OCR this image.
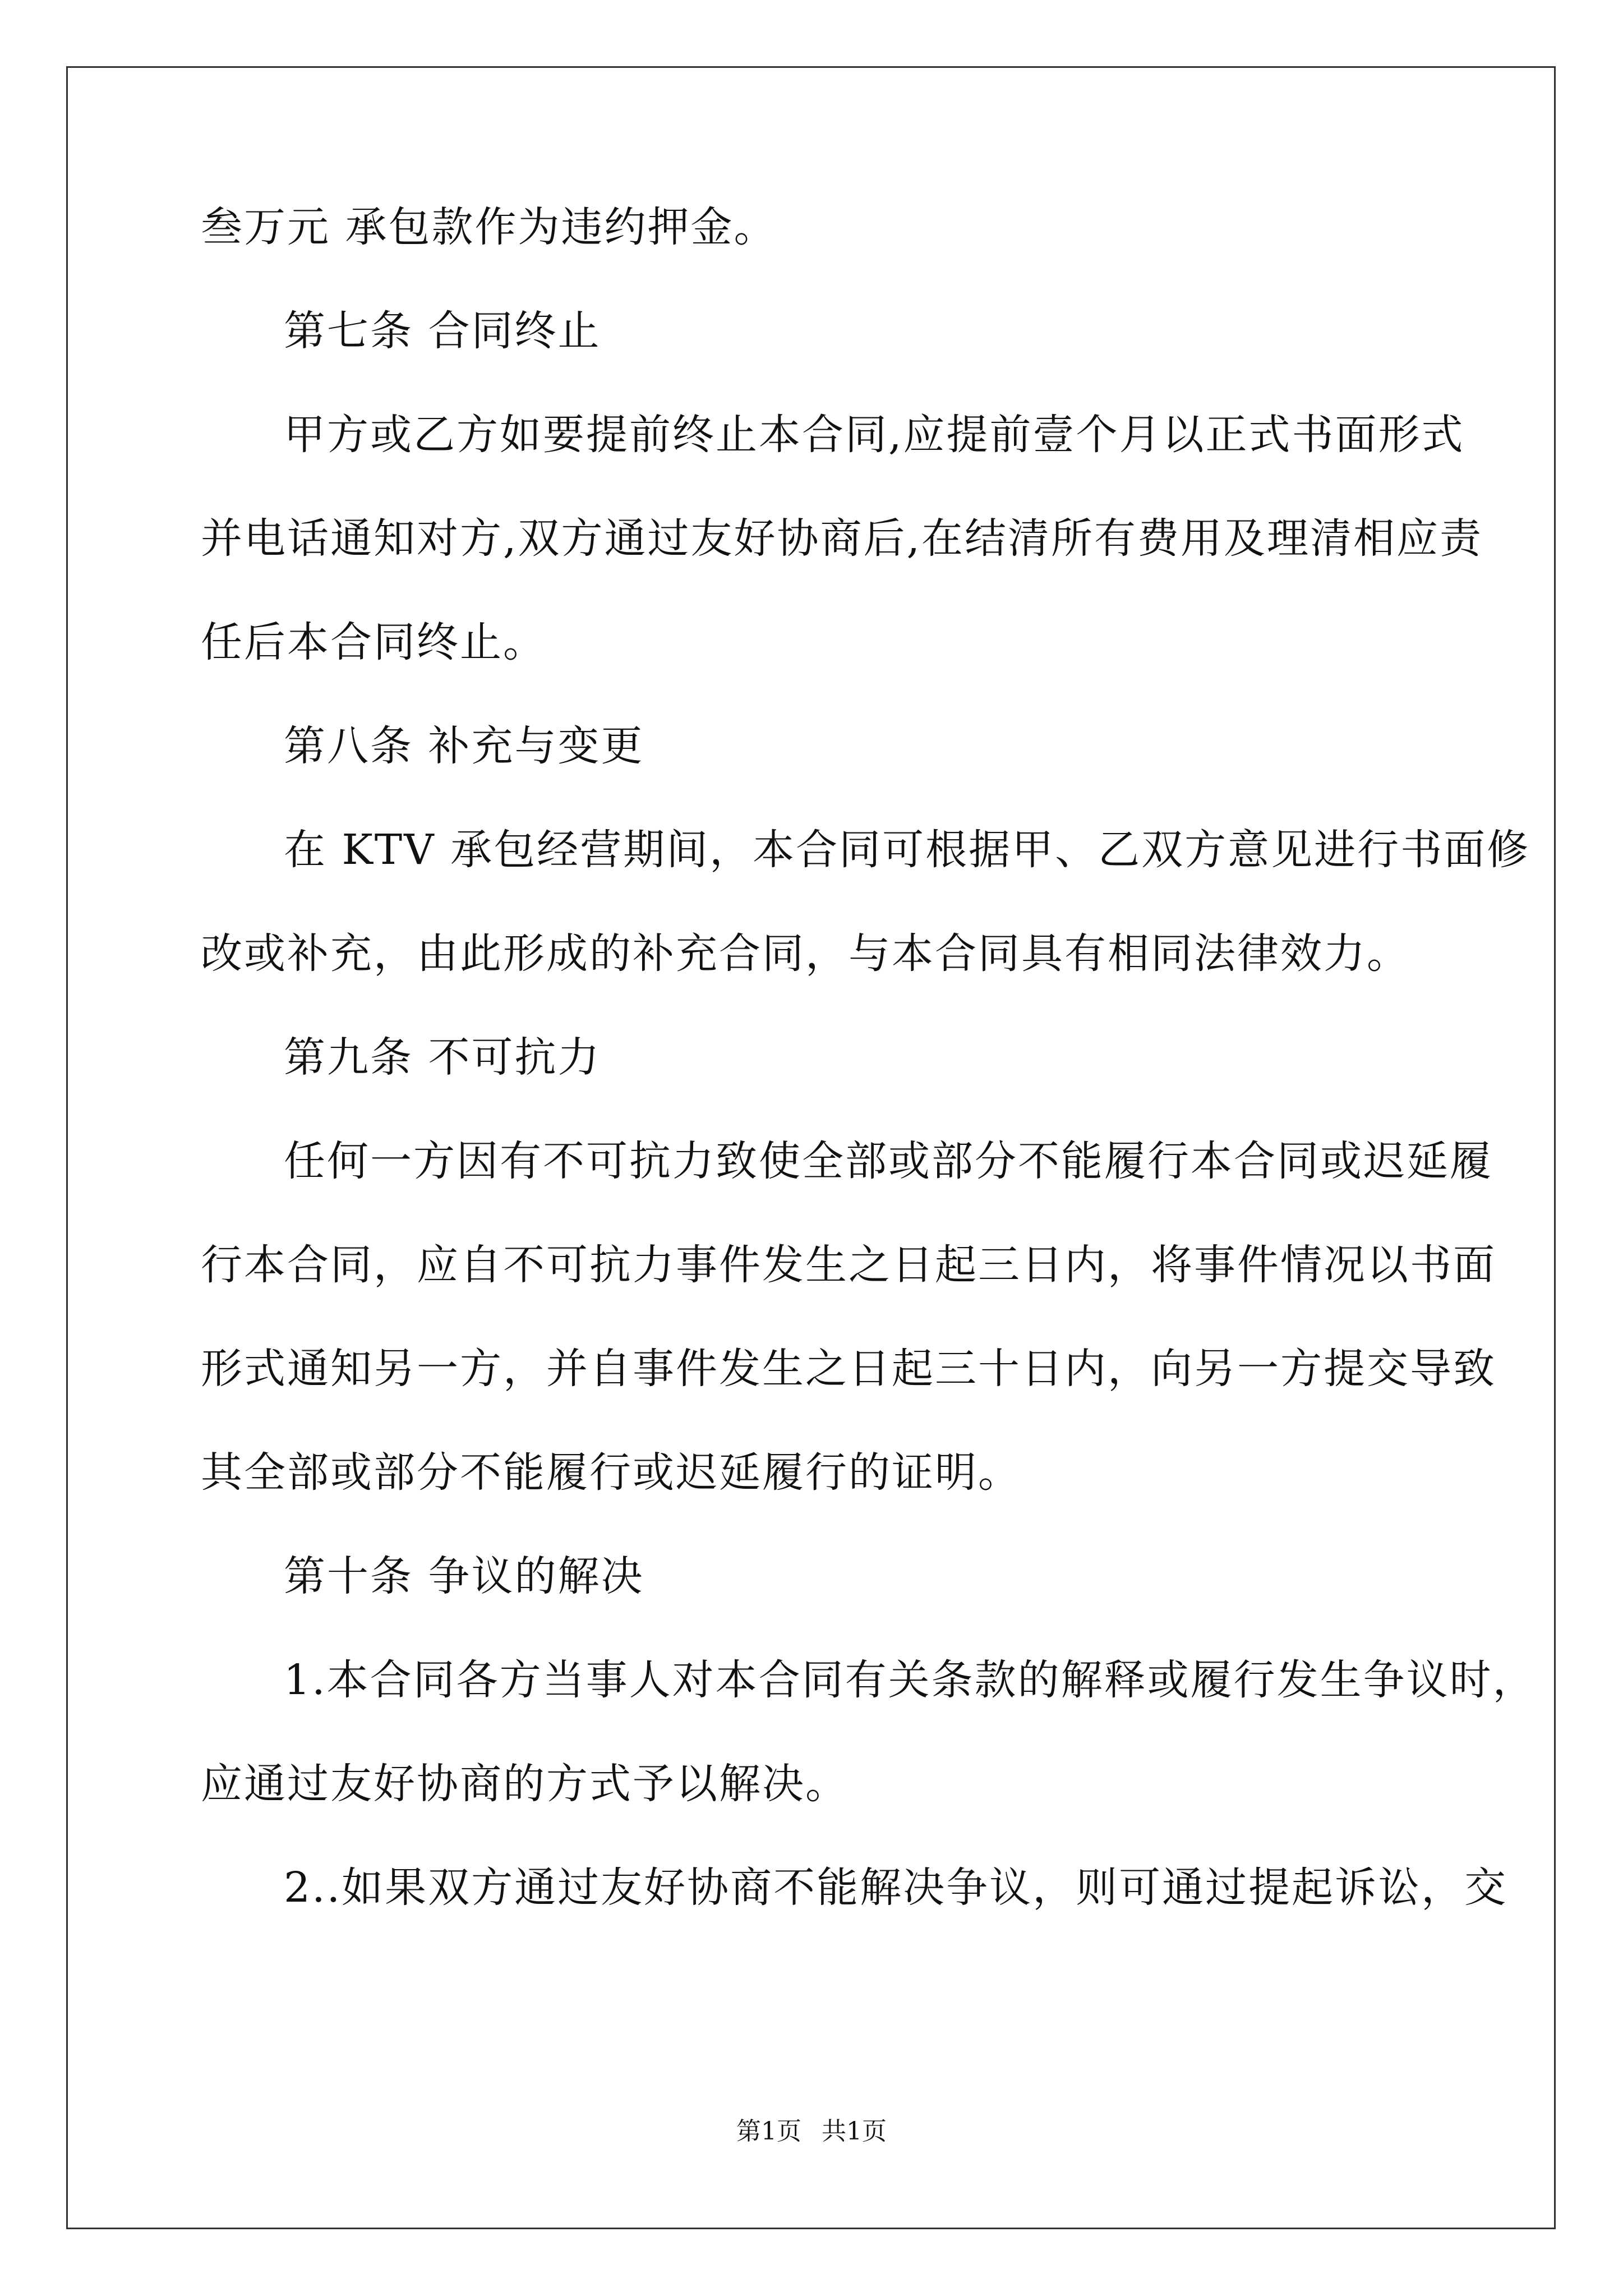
叁万元 承包款作为违约押金。
第七条 合同终止
甲方或乙方如要提前终止本合同,应提前壹个月以正式书面形式
并电话通知对方,双方通过友好协商后,在结清所有费用及理清相应责
任后本合同终止。
第八条 补充与变更
在 KTV 承包经营期间，本合同可根据甲、乙双方意见进行书面修
改或补充，由此形成的补充合同，与本合同具有相同法律效力。
第九条 不可抗力
任何一方因有不可抗力致使全部或部分不能履行本合同或迟延履
行本合同，应自不可抗力事件发生之日起三日内，将事件情况以书面
形式通知另一方，并自事件发生之日起三十日内，向另一方提交导致
其全部或部分不能履行或迟延履行的证明。
第十条 争议的解决
1.本合同各方当事人对本合同有关条款的解释或履行发生争议时，
应通过友好协商的方式予以解决。
2..如果双方通过友好协商不能解决争议，则可通过提起诉讼，交
第1页 共1页
